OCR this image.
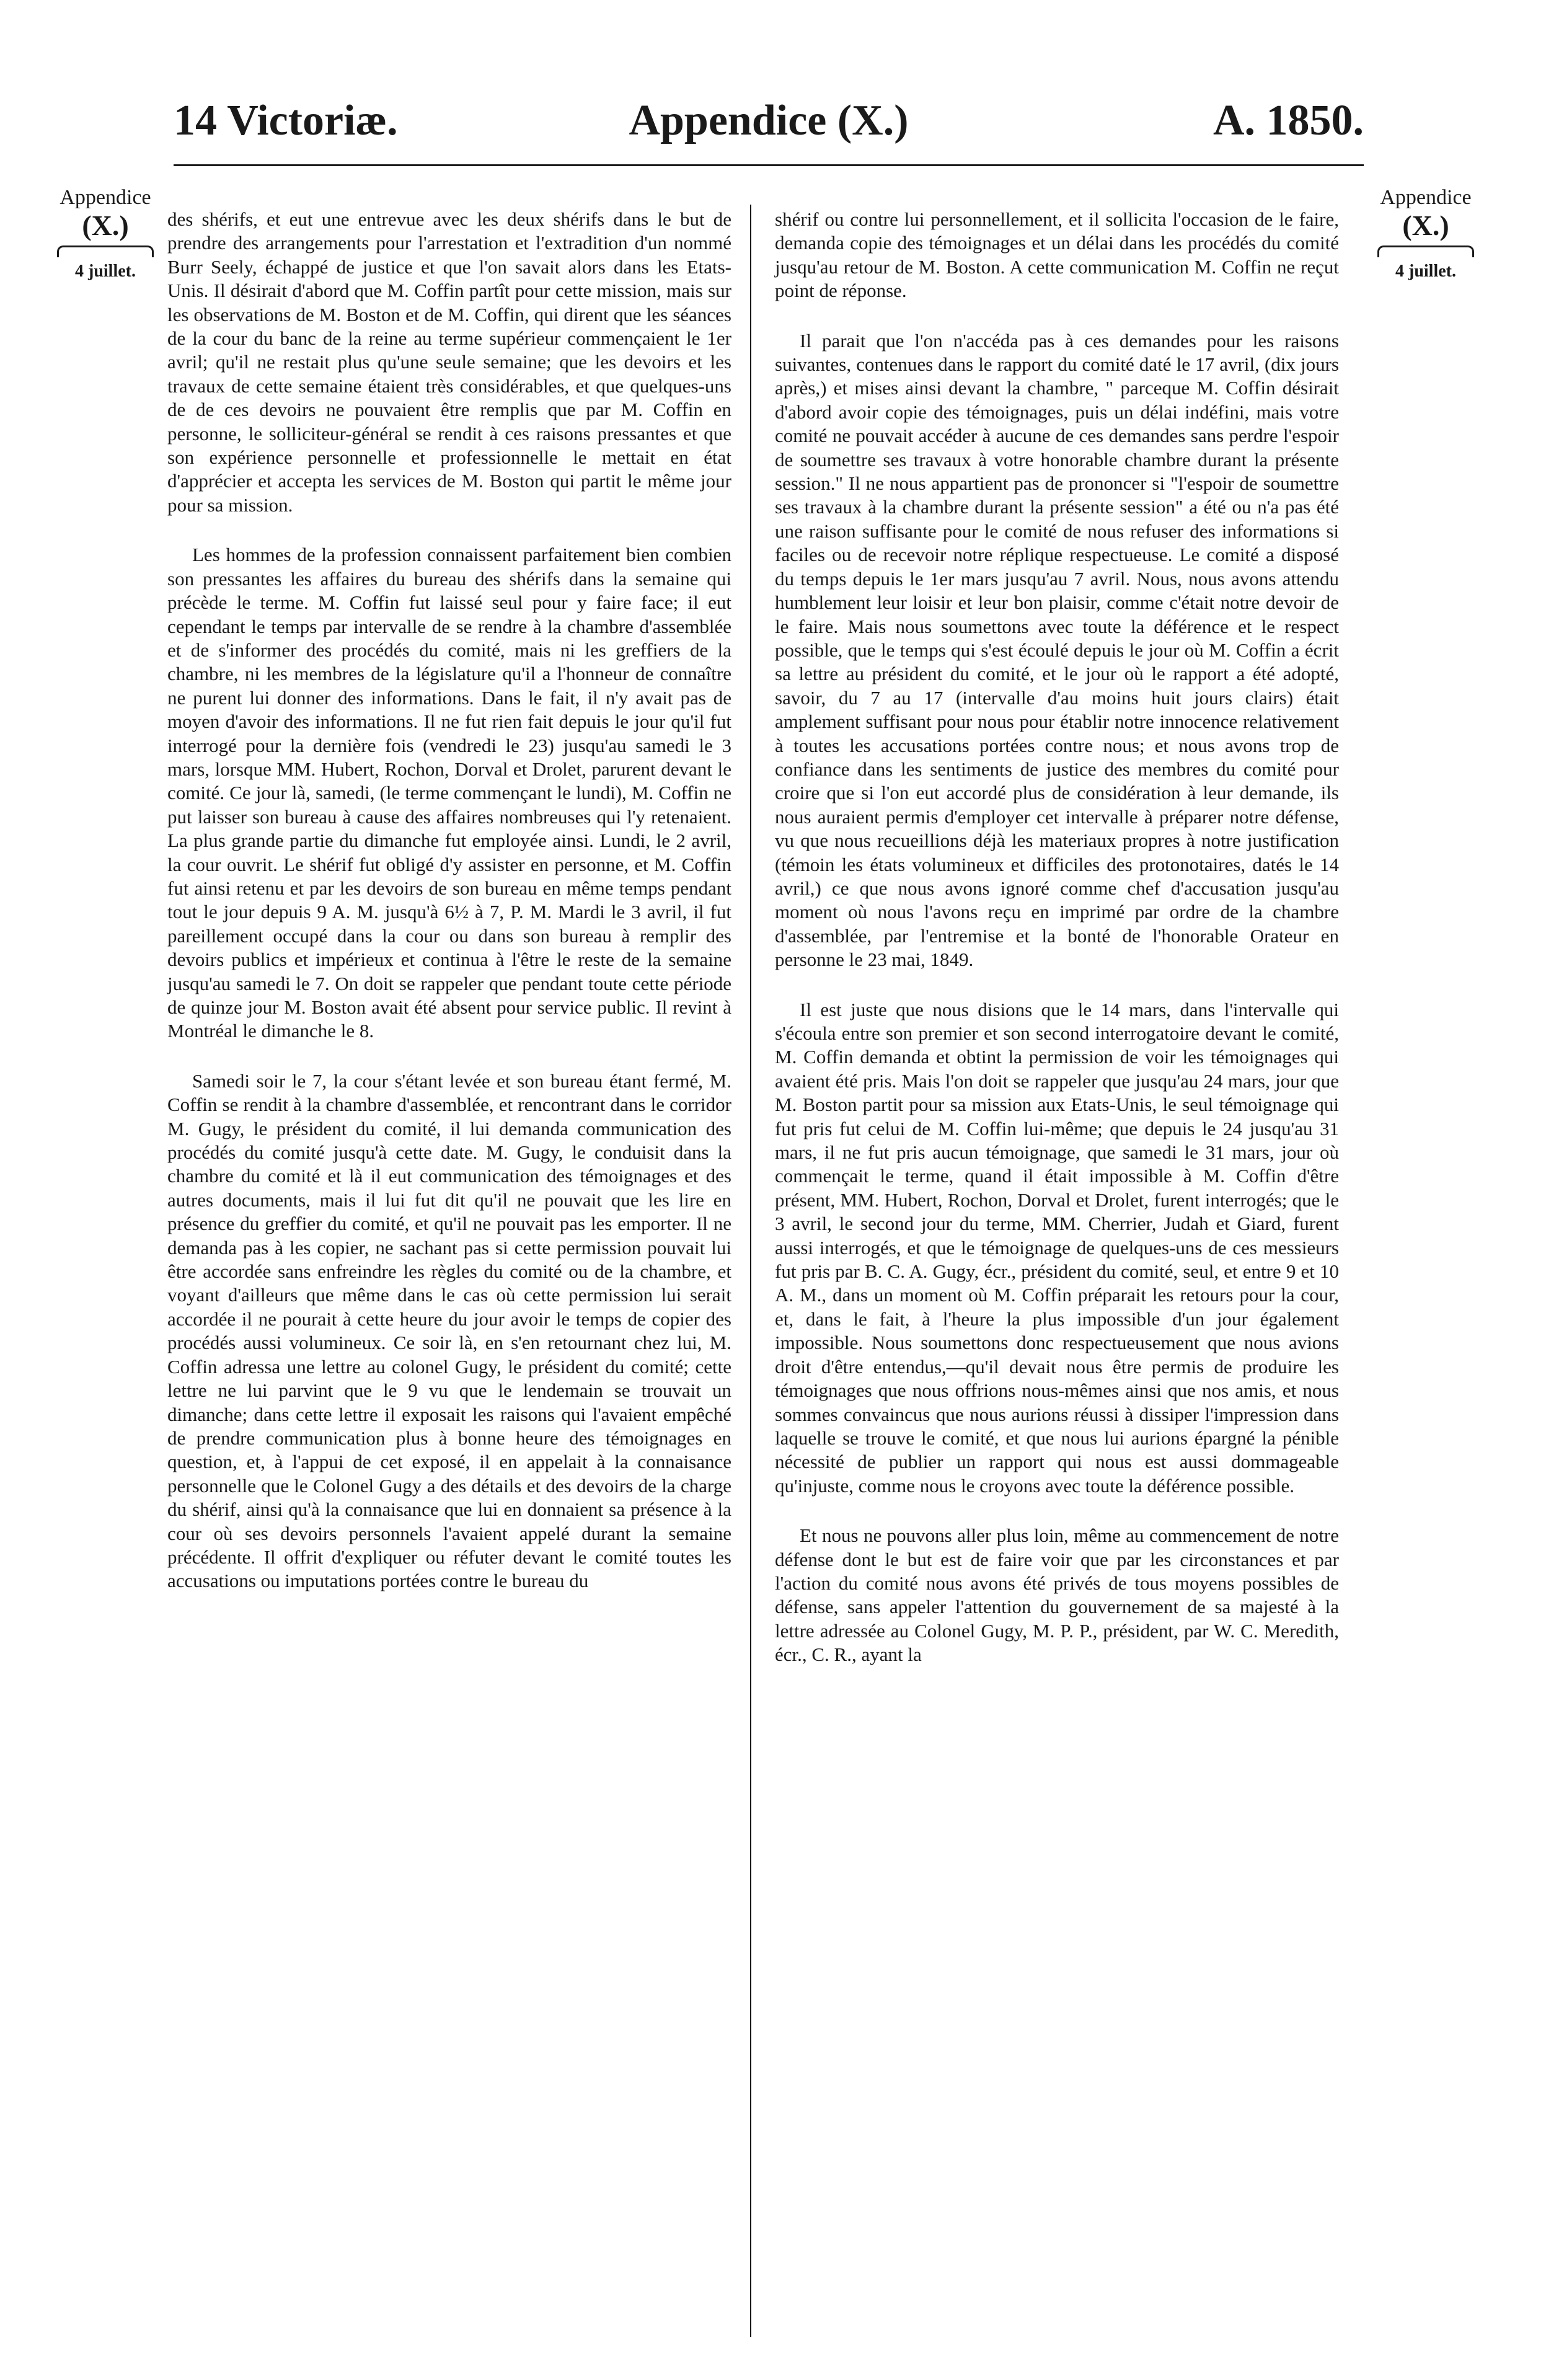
14 Victoriæ.	Appendice (X.)	A. 1850.
Appendice
(X.)
4 juillet.
Appendice
(X.)
4 juillet.

des shérifs, et eut une entrevue avec les deux shérifs dans le but de prendre des arrangements pour l'arrestation et l'extradition d'un nommé Burr Seely, échappé de justice et que l'on savait alors dans les Etats-Unis. Il désirait d'abord que M. Coffin partît pour cette mission, mais sur les observations de M. Boston et de M. Coffin, qui dirent que les séances de la cour du banc de la reine au terme supérieur commençaient le 1er avril; qu'il ne restait plus qu'une seule semaine; que les devoirs et les travaux de cette semaine étaient très considérables, et que quelques-uns de de ces devoirs ne pouvaient être remplis que par M. Coffin en personne, le solliciteur-général se rendit à ces raisons pressantes et que son expérience personnelle et professionnelle le mettait en état d'apprécier et accepta les services de M. Boston qui partit le même jour pour sa mission.

Les hommes de la profession connaissent parfaitement bien combien son pressantes les affaires du bureau des shérifs dans la semaine qui précède le terme. M. Coffin fut laissé seul pour y faire face; il eut cependant le temps par intervalle de se rendre à la chambre d'assemblée et de s'informer des procédés du comité, mais ni les greffiers de la chambre, ni les membres de la législature qu'il a l'honneur de connaître ne purent lui donner des informations. Dans le fait, il n'y avait pas de moyen d'avoir des informations. Il ne fut rien fait depuis le jour qu'il fut interrogé pour la dernière fois (vendredi le 23) jusqu'au samedi le 3 mars, lorsque MM. Hubert, Rochon, Dorval et Drolet, parurent devant le comité. Ce jour là, samedi, (le terme commençant le lundi), M. Coffin ne put laisser son bureau à cause des affaires nombreuses qui l'y retenaient. La plus grande partie du dimanche fut employée ainsi. Lundi, le 2 avril, la cour ouvrit. Le shérif fut obligé d'y assister en personne, et M. Coffin fut ainsi retenu et par les devoirs de son bureau en même temps pendant tout le jour depuis 9 A. M. jusqu'à 6½ à 7, P. M. Mardi le 3 avril, il fut pareillement occupé dans la cour ou dans son bureau à remplir des devoirs publics et impérieux et continua à l'être le reste de la semaine jusqu'au samedi le 7. On doit se rappeler que pendant toute cette période de quinze jour M. Boston avait été absent pour service public. Il revint à Montréal le dimanche le 8.

Samedi soir le 7, la cour s'étant levée et son bureau étant fermé, M. Coffin se rendit à la chambre d'assemblée, et rencontrant dans le corridor M. Gugy, le président du comité, il lui demanda communication des procédés du comité jusqu'à cette date. M. Gugy, le conduisit dans la chambre du comité et là il eut communication des témoignages et des autres documents, mais il lui fut dit qu'il ne pouvait que les lire en présence du greffier du comité, et qu'il ne pouvait pas les emporter. Il ne demanda pas à les copier, ne sachant pas si cette permission pouvait lui être accordée sans enfreindre les règles du comité ou de la chambre, et voyant d'ailleurs que même dans le cas où cette permission lui serait accordée il ne pourait à cette heure du jour avoir le temps de copier des procédés aussi volumineux. Ce soir là, en s'en retournant chez lui, M. Coffin adressa une lettre au colonel Gugy, le président du comité; cette lettre ne lui parvint que le 9 vu que le lendemain se trouvait un dimanche; dans cette lettre il exposait les raisons qui l'avaient empêché de prendre communication plus à bonne heure des témoignages en question, et, à l'appui de cet exposé, il en appelait à la connaisance personnelle que le Colonel Gugy a des détails et des devoirs de la charge du shérif, ainsi qu'à la connaisance que lui en donnaient sa présence à la cour où ses devoirs personnels l'avaient appelé durant la semaine précédente. Il offrit d'expliquer ou réfuter devant le comité toutes les accusations ou imputations portées contre le bureau du

shérif ou contre lui personnellement, et il sollicita l'occasion de le faire, demanda copie des témoignages et un délai dans les procédés du comité jusqu'au retour de M. Boston. A cette communication M. Coffin ne reçut point de réponse.

Il parait que l'on n'accéda pas à ces demandes pour les raisons suivantes, contenues dans le rapport du comité daté le 17 avril, (dix jours après,) et mises ainsi devant la chambre, " parceque M. Coffin désirait d'abord avoir copie des témoignages, puis un délai indéfini, mais votre comité ne pouvait accéder à aucune de ces demandes sans perdre l'espoir de soumettre ses travaux à votre honorable chambre durant la présente session." Il ne nous appartient pas de prononcer si "l'espoir de soumettre ses travaux à la chambre durant la présente session" a été ou n'a pas été une raison suffisante pour le comité de nous refuser des informations si faciles ou de recevoir notre réplique respectueuse. Le comité a disposé du temps depuis le 1er mars jusqu'au 7 avril. Nous, nous avons attendu humblement leur loisir et leur bon plaisir, comme c'était notre devoir de le faire. Mais nous soumettons avec toute la déférence et le respect possible, que le temps qui s'est écoulé depuis le jour où M. Coffin a écrit sa lettre au président du comité, et le jour où le rapport a été adopté, savoir, du 7 au 17 (intervalle d'au moins huit jours clairs) était amplement suffisant pour nous pour établir notre innocence relativement à toutes les accusations portées contre nous; et nous avons trop de confiance dans les sentiments de justice des membres du comité pour croire que si l'on eut accordé plus de considération à leur demande, ils nous auraient permis d'employer cet intervalle à préparer notre défense, vu que nous recueillions déjà les materiaux propres à notre justification (témoin les états volumineux et difficiles des protonotaires, datés le 14 avril,) ce que nous avons ignoré comme chef d'accusation jusqu'au moment où nous l'avons reçu en imprimé par ordre de la chambre d'assemblée, par l'entremise et la bonté de l'honorable Orateur en personne le 23 mai, 1849.

Il est juste que nous disions que le 14 mars, dans l'intervalle qui s'écoula entre son premier et son second interrogatoire devant le comité, M. Coffin demanda et obtint la permission de voir les témoignages qui avaient été pris. Mais l'on doit se rappeler que jusqu'au 24 mars, jour que M. Boston partit pour sa mission aux Etats-Unis, le seul témoignage qui fut pris fut celui de M. Coffin lui-même; que depuis le 24 jusqu'au 31 mars, il ne fut pris aucun témoignage, que samedi le 31 mars, jour où commençait le terme, quand il était impossible à M. Coffin d'être présent, MM. Hubert, Rochon, Dorval et Drolet, furent interrogés; que le 3 avril, le second jour du terme, MM. Cherrier, Judah et Giard, furent aussi interrogés, et que le témoignage de quelques-uns de ces messieurs fut pris par B. C. A. Gugy, écr., président du comité, seul, et entre 9 et 10 A. M., dans un moment où M. Coffin préparait les retours pour la cour, et, dans le fait, à l'heure la plus impossible d'un jour également impossible. Nous soumettons donc respectueusement que nous avions droit d'être entendus,—qu'il devait nous être permis de produire les témoignages que nous offrions nous-mêmes ainsi que nos amis, et nous sommes convaincus que nous aurions réussi à dissiper l'impression dans laquelle se trouve le comité, et que nous lui aurions épargné la pénible nécessité de publier un rapport qui nous est aussi dommageable qu'injuste, comme nous le croyons avec toute la déférence possible.

Et nous ne pouvons aller plus loin, même au commencement de notre défense dont le but est de faire voir que par les circonstances et par l'action du comité nous avons été privés de tous moyens possibles de défense, sans appeler l'attention du gouvernement de sa majesté à la lettre adressée au Colonel Gugy, M. P. P., président, par W. C. Meredith, écr., C. R., ayant la
